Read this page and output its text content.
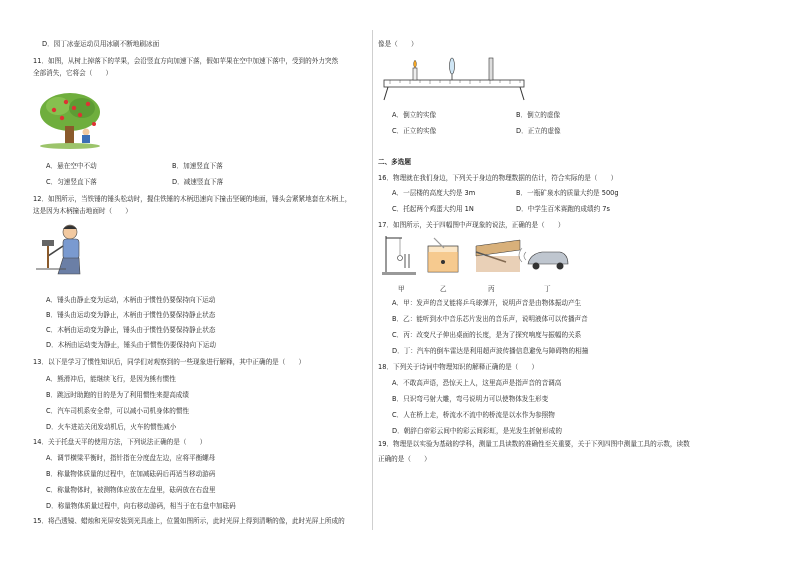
D．园丁冰壶运动员用冰刷不断地刷冰面
11．如图，从树上掉落下的苹果，会沿竖直方向加速下落，假如苹果在空中加速下落中，受到的外力突然
全部消失，它将会（　　）
A．悬在空中不动	B．加速竖直下落
C．匀速竖直下落	D．减速竖直下落
12．如图所示，当铁锤的锤头松动时，握住铁锤的木柄迅速向下撞击坚硬的地面，锤头会紧紧地套在木柄上，
这是因为木柄撞击地面时（　　）
A．锤头由静止变为运动，木柄由于惯性仍要保持向下运动
B．锤头由运动变为静止，木柄由于惯性仍要保持静止状态
C．木柄由运动变为静止，锤头由于惯性仍要保持静止状态
D．木柄由运动变为静止，锤头由于惯性仍要保持向下运动
13．以下是学习了惯性知识后，同学们对观察到的一些现象进行解释，其中正确的是（　　）
A．熊滑冲后，能继续飞行，是因为熊有惯性
B．跳远时助跑的目的是为了利用惯性来提高成绩
C．汽车司机系安全带，可以减小司机身体的惯性
D．火车进站关闭发动机后，火车的惯性减小
14．关于托盘天平的使用方法，下列说法正确的是（　　）
A．调节横梁平衡时，指针指在分度盘左边，应将平衡螺母
B．称量物体质量的过程中，在加减砝码后再适当移动游码
C．称量物体时，被测物体应放在左盘里，砝码放在右盘里
D．称量物体质量过程中，向右移动游码，相当于在右盘中加砝码
15．将凸透镜、蜡烛和光屏安装到光具座上，位置如图所示，此时光屏上得到清晰的像，此时光屏上所成的
像是（　　）
A．倒立的实像	B．倒立的虚像
C．正立的实像	D．正立的虚像
二、多选题
16．物理就在我们身边，下列关于身边的物理数据的估计，符合实际的是（　　）
A．一层楼的高度大约是 3m	B．一瓶矿泉水的质量大约是 500g
C．托起两个鸡蛋大约用 1N	D．中学生百米赛跑的成绩约 7s
17．如图所示，关于四幅图中声现象的说法，正确的是（　　）
甲	乙	丙	丁
A．甲：发声的音叉能将乒乓球弹开，说明声音是由物体振动产生
B．乙：能听到水中音乐芯片发出的音乐声，说明液体可以传播声音
C．丙：改变尺子伸出桌面的长度，是为了探究响度与振幅的关系
D．丁：汽车的倒车雷达是利用超声波传播信息避免与障碍物的相撞
18．下列关于诗词中物理知识的解释正确的是（　　）
A．不敢高声语，恐惊天上人，这里高声是指声音的音调高
B．只识弯弓射大雕，弯弓说明力可以使物体发生形变
C．人在桥上走，桥流水不流中的桥流是以水作为参照物
D．朝辞白帝彩云间中的彩云间彩虹，是光发生折射形成的
19．物理是以实验为基础的学科，测量工具读数的准确性至关重要，关于下列四图中测量工具的示数，读数
正确的是（　　）
